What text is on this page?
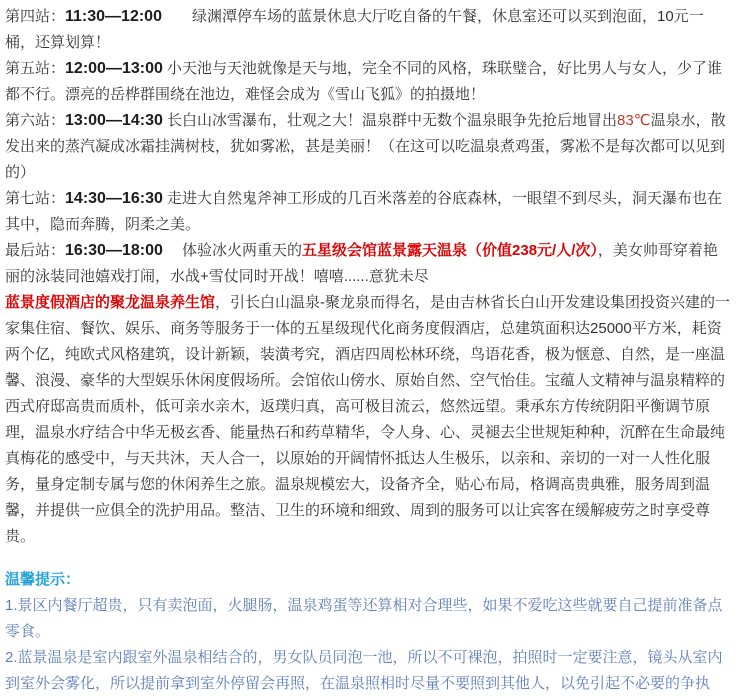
第四站：11:30—12:00　　绿渊潭停车场的蓝景休息大厅吃自备的午餐，休息室还可以买到泡面，10元一桶，还算划算！

第五站：12:00—13:00 小天池与天池就像是天与地，完全不同的风格，珠联璧合，好比男人与女人，少了谁都不行。漂亮的岳桦群围绕在池边，难怪会成为《雪山飞狐》的拍摄地！

第六站：13:00—14:30 长白山冰雪瀑布，壮观之大！温泉群中无数个温泉眼争先抢后地冒出83℃温泉水，散发出来的蒸汽凝成冰霜挂满树枝，犹如雾凇，甚是美丽！（在这可以吃温泉煮鸡蛋，雾凇不是每次都可以见到的）

第七站：14:30—16:30 走进大自然鬼斧神工形成的几百米落差的谷底森林，一眼望不到尽头，洞天瀑布也在其中，隐而奔腾，阴柔之美。

最后站：16:30—18:00　 体验冰火两重天的五星级会馆蓝景露天温泉（价值238元/人/次），美女帅哥穿着艳丽的泳装同池嬉戏打闹，水战+雪仗同时开战！嘻嘻......意犹未尽

蓝景度假酒店的聚龙温泉养生馆，引长白山温泉-聚龙泉而得名，是由吉林省长白山开发建设集团投资兴建的一家集住宿、餐饮、娱乐、商务等服务于一体的五星级现代化商务度假酒店，总建筑面积达25000平方米，耗资两个亿，纯欧式风格建筑，设计新颖，装潢考究，酒店四周松林环绕，鸟语花香，极为惬意、自然，是一座温馨、浪漫、豪华的大型娱乐休闲度假场所。会馆依山傍水、原始自然、空气怡佳。宝蕴人文精神与温泉精粹的西式府邸高贵而质朴，低可亲水亲木，返璞归真，高可极目流云，悠然远望。秉承东方传统阴阳平衡调节原理，温泉水疗结合中华无极玄香、能量热石和药草精华，令人身、心、灵褪去尘世规矩种种，沉醉在生命最纯真梅花的感受中，与天共沐，天人合一，以原始的开阔情怀抵达人生极乐，以亲和、亲切的一对一人性化服务，量身定制专属与您的休闲养生之旅。温泉规模宏大，设备齐全，贴心布局，格调高贵典雅，服务周到温馨，并提供一应俱全的洗护用品。整洁、卫生的环境和细致、周到的服务可以让宾客在缓解疲劳之时享受尊贵。

温馨提示：

1.景区内餐厅超贵，只有卖泡面，火腿肠，温泉鸡蛋等还算相对合理些，如果不爱吃这些就要自己提前准备点零食。

2.蓝景温泉是室内跟室外温泉相结合的，男女队员同泡一池，所以不可裸泡，拍照时一定要注意，镜头从室内到室外会雾化，所以提前拿到室外停留会再照，在温泉照相时尽量不要照到其他人，以免引起不必要的争执
